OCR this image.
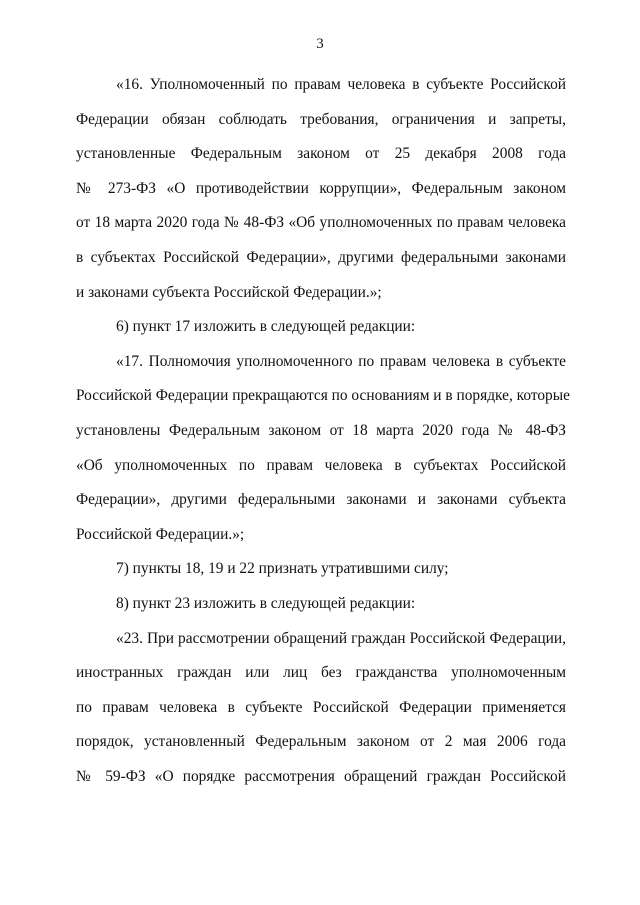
3
«16. Уполномоченный по правам человека в субъекте Российской
Федерации обязан соблюдать требования, ограничения и запреты,
установленные Федеральным законом от 25 декабря 2008 года
№ 273-ФЗ «О противодействии коррупции», Федеральным законом
от 18 марта 2020 года № 48-ФЗ «Об уполномоченных по правам человека
в субъектах Российской Федерации», другими федеральными законами
и законами субъекта Российской Федерации.»;
6) пункт 17 изложить в следующей редакции:
«17. Полномочия уполномоченного по правам человека в субъекте
Российской Федерации прекращаются по основаниям и в порядке, которые
установлены Федеральным законом от 18 марта 2020 года № 48-ФЗ
«Об уполномоченных по правам человека в субъектах Российской
Федерации», другими федеральными законами и законами субъекта
Российской Федерации.»;
7) пункты 18, 19 и 22 признать утратившими силу;
8) пункт 23 изложить в следующей редакции:
«23. При рассмотрении обращений граждан Российской Федерации,
иностранных граждан или лиц без гражданства уполномоченным
по правам человека в субъекте Российской Федерации применяется
порядок, установленный Федеральным законом от 2 мая 2006 года
№ 59-ФЗ «О порядке рассмотрения обращений граждан Российской
